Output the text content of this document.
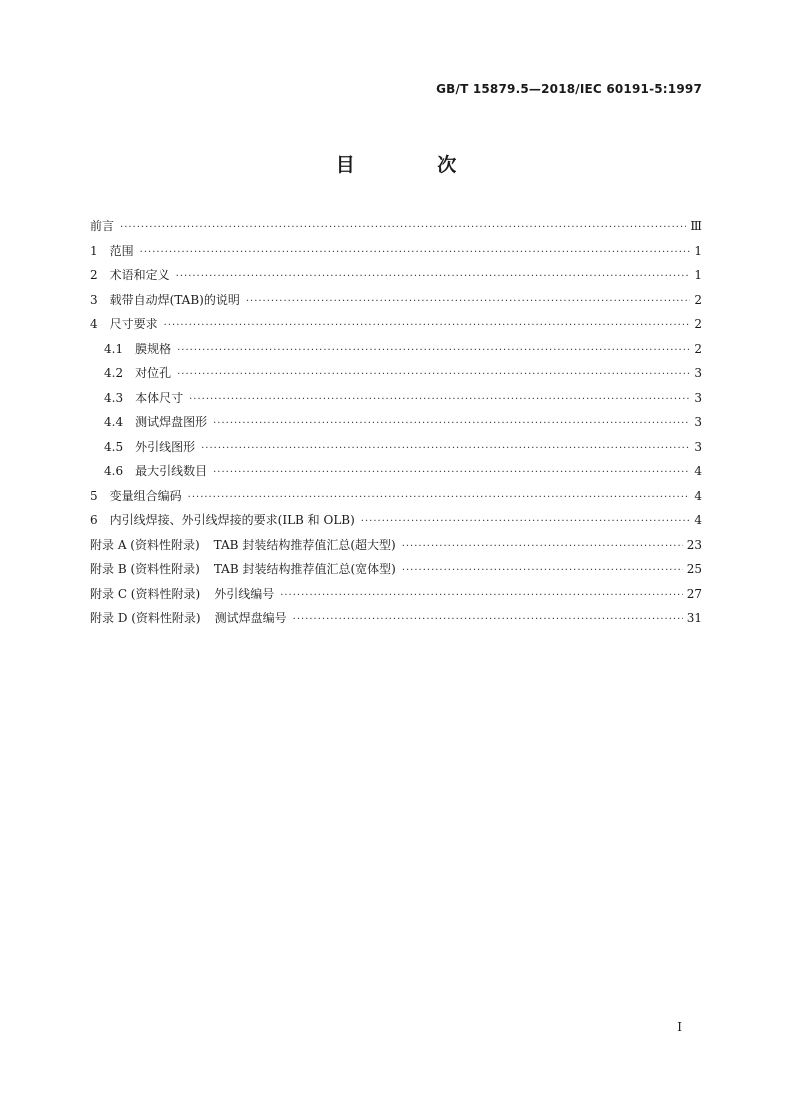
GB/T 15879.5—2018/IEC 60191-5:1997
目 次
前言 ·····	Ⅲ
1	范围 ·····	1
2	术语和定义 ·····	1
3	载带自动焊(TAB)的说明 ·····	2
4	尺寸要求 ·····	2
4.1	膜规格 ·····	2
4.2	对位孔 ·····	3
4.3	本体尺寸 ·····	3
4.4	测试焊盘图形 ·····	3
4.5	外引线图形 ·····	3
4.6	最大引线数目 ·····	4
5	变量组合编码 ·····	4
6	内引线焊接、外引线焊接的要求(ILB 和 OLB) ·····	4
附录 A (资料性附录)	TAB 封装结构推荐值汇总(超大型) ·····	23
附录 B (资料性附录)	TAB 封装结构推荐值汇总(宽体型) ·····	25
附录 C (资料性附录)	外引线编号 ·····	27
附录 D (资料性附录)	测试焊盘编号 ·····	31
I
